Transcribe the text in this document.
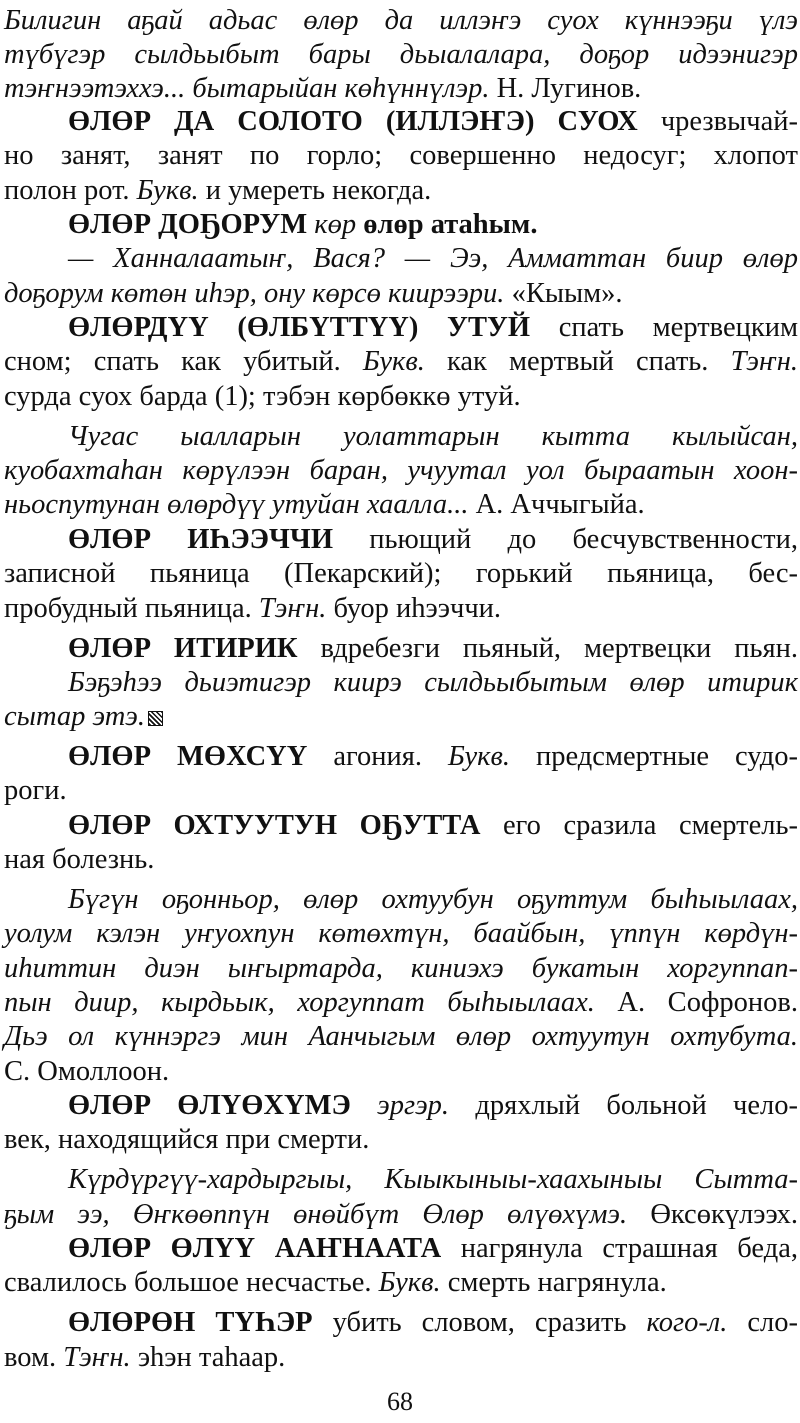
Билигин аҕай адьас өлөр да иллэҥэ суох күннээҕи үлэ
түбүгэр сылдьыбыт бары дьыалалара, доҕор идээнигэр
тэҥнээтэххэ... бытарыйан көһүннүлэр. Н. Лугинов.
ӨЛӨР ДА СОЛОТО (ИЛЛЭҤЭ) СУОХ чрезвычай-
но занят, занят по горло; совершенно недосуг; хлопот
полон рот. Букв. и умереть некогда.
ӨЛӨР ДОҔОРУМ көр өлөр атаһым.
— Ханналаатыҥ, Вася? — Ээ, Амматтан биир өлөр
доҕорум көтөн иһэр, ону көрсө киирээри. «Кыым».
ӨЛӨРДҮҮ (ӨЛБҮТТҮҮ) УТУЙ спать мертвецким
сном; спать как убитый. Букв. как мертвый спать. Тэҥн.
сурда суох барда (1); тэбэн көрбөккө утуй.
Чугас ыалларын уолаттарын кытта кылыйсан,
куобахтаһан көрүлээн баран, учуутал уол быраатын хоон-
ньоспутунан өлөрдүү утуйан хаалла... А. Аччыгыйа.
ӨЛӨР ИҺЭЭЧЧИ пьющий до бесчувственности,
записной пьяница (Пекарский); горький пьяница, бес-
пробудный пьяница. Тэҥн. буор иһээччи.
ӨЛӨР ИТИРИК вдребезги пьяный, мертвецки пьян.
Бэҕэһээ дьиэтигэр киирэ сылдьыбытым өлөр итирик
сытар этэ.
ӨЛӨР МӨХСҮҮ агония. Букв. предсмертные судо-
роги.
ӨЛӨР ОХТУУТУН ОҔУТТА его сразила смертель-
ная болезнь.
Бүгүн оҕонньор, өлөр охтуубун оҕуттум быһыылаах,
уолум кэлэн уҥуохпун көтөхтүн, баайбын, үппүн көрдүн-
иһиттин диэн ыҥыртарда, киниэхэ букатын хоргуппап-
пын диир, кырдьык, хоргуппат быһыылаах. А. Софронов.
Дьэ ол күннэргэ мин Аанчыгым өлөр охтуутун охтубута.
С. Омоллоон.
ӨЛӨР ӨЛҮӨХҮМЭ эргэр. дряхлый больной чело-
век, находящийся при смерти.
Күрдүргүү-хардыргыы, Кыыкыныы-хаахыныы Сытта-
ҕым ээ, Өҥкөөппүн өнөйбүт Өлөр өлүөхүмэ. Өксөкүлээх.
ӨЛӨР ӨЛҮҮ ААҤНААТА нагрянула страшная беда,
свалилось большое несчастье. Букв. смерть нагрянула.
ӨЛӨРӨН ТҮҺЭР убить словом, сразить кого-л. сло-
вом. Тэҥн. эһэн таһаар.
68
